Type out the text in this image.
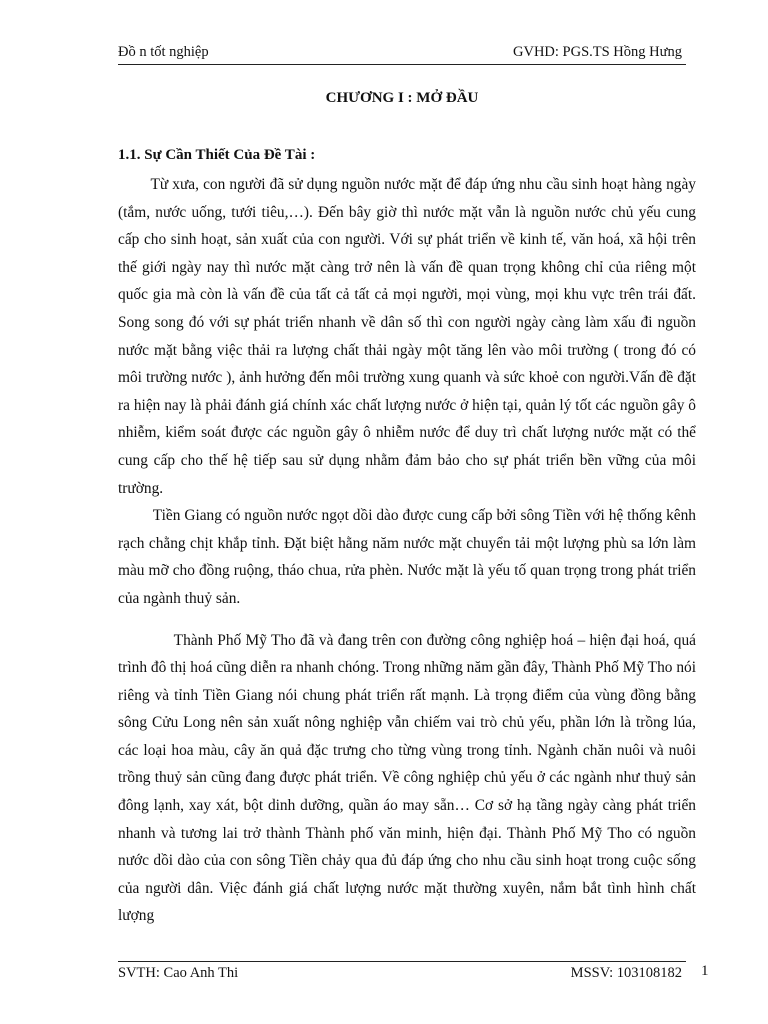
Đồ n tốt nghiệp	GVHD: PGS.TS Hồng Hưng
CHƯƠNG I : MỞ ĐẦU
1.1. Sự Cần Thiết Của Đề Tài :

Từ xưa, con người đã sử dụng nguồn nước mặt để đáp ứng nhu cầu sinh hoạt hàng ngày (tắm, nước uống, tưới tiêu,…). Đến bây giờ thì nước mặt vẫn là nguồn nước chủ yếu cung cấp cho sinh hoạt, sản xuất của con người. Với sự phát triển về kinh tế, văn hoá, xã hội trên thế giới ngày nay thì nước mặt càng trở nên là vấn đề quan trọng không chỉ của riêng một quốc gia mà còn là vấn đề của tất cả tất cả mọi người, mọi vùng, mọi khu vực trên trái đất. Song song đó với sự phát triển nhanh về dân số thì con người ngày càng làm xấu đi nguồn nước mặt bằng việc thải ra lượng chất thải ngày một tăng lên vào môi trường ( trong đó có môi trường nước ), ảnh hưởng đến môi trường xung quanh và sức khoẻ con người.Vấn đề đặt ra hiện nay là phải đánh giá chính xác chất lượng nước ở hiện tại, quản lý tốt các nguồn gây ô nhiễm, kiểm soát được các nguồn gây ô nhiễm nước để duy trì chất lượng nước mặt có thể cung cấp cho thế hệ tiếp sau sử dụng nhằm đảm bảo cho sự phát triển bền vững của môi trường.

Tiền Giang có nguồn nước ngọt dồi dào được cung cấp bởi sông Tiền với hệ thống kênh rạch chằng chịt khắp tỉnh. Đặt biệt hằng năm nước mặt chuyển tải một lượng phù sa lớn làm màu mỡ cho đồng ruộng, tháo chua, rửa phèn. Nước mặt là yếu tố quan trọng trong phát triển của ngành thuỷ sản.

Thành Phố Mỹ Tho đã và đang trên con đường công nghiệp hoá – hiện đại hoá, quá trình đô thị hoá cũng diễn ra nhanh chóng. Trong những năm gần đây, Thành Phố Mỹ Tho nói riêng và tỉnh Tiền Giang nói chung phát triển rất mạnh. Là trọng điểm của vùng đồng bằng sông Cửu Long nên sản xuất nông nghiệp vẫn chiếm vai trò chủ yếu, phần lớn là trồng lúa, các loại hoa màu, cây ăn quả đặc trưng cho từng vùng trong tỉnh. Ngành chăn nuôi và nuôi trồng thuỷ sản cũng đang được phát triển. Về công nghiệp chủ yếu ở các ngành như thuỷ sản đông lạnh, xay xát, bột dinh dưỡng, quần áo may sẵn… Cơ sở hạ tầng ngày càng phát triển nhanh và tương lai trở thành Thành phố văn minh, hiện đại. Thành Phố Mỹ Tho có nguồn nước dồi dào của con sông Tiền chảy qua đủ đáp ứng cho nhu cầu sinh hoạt trong cuộc sống của người dân. Việc đánh giá chất lượng nước mặt thường xuyên, nắm bắt tình hình chất lượng

SVTH: Cao Anh Thi	MSSV: 103108182 1
